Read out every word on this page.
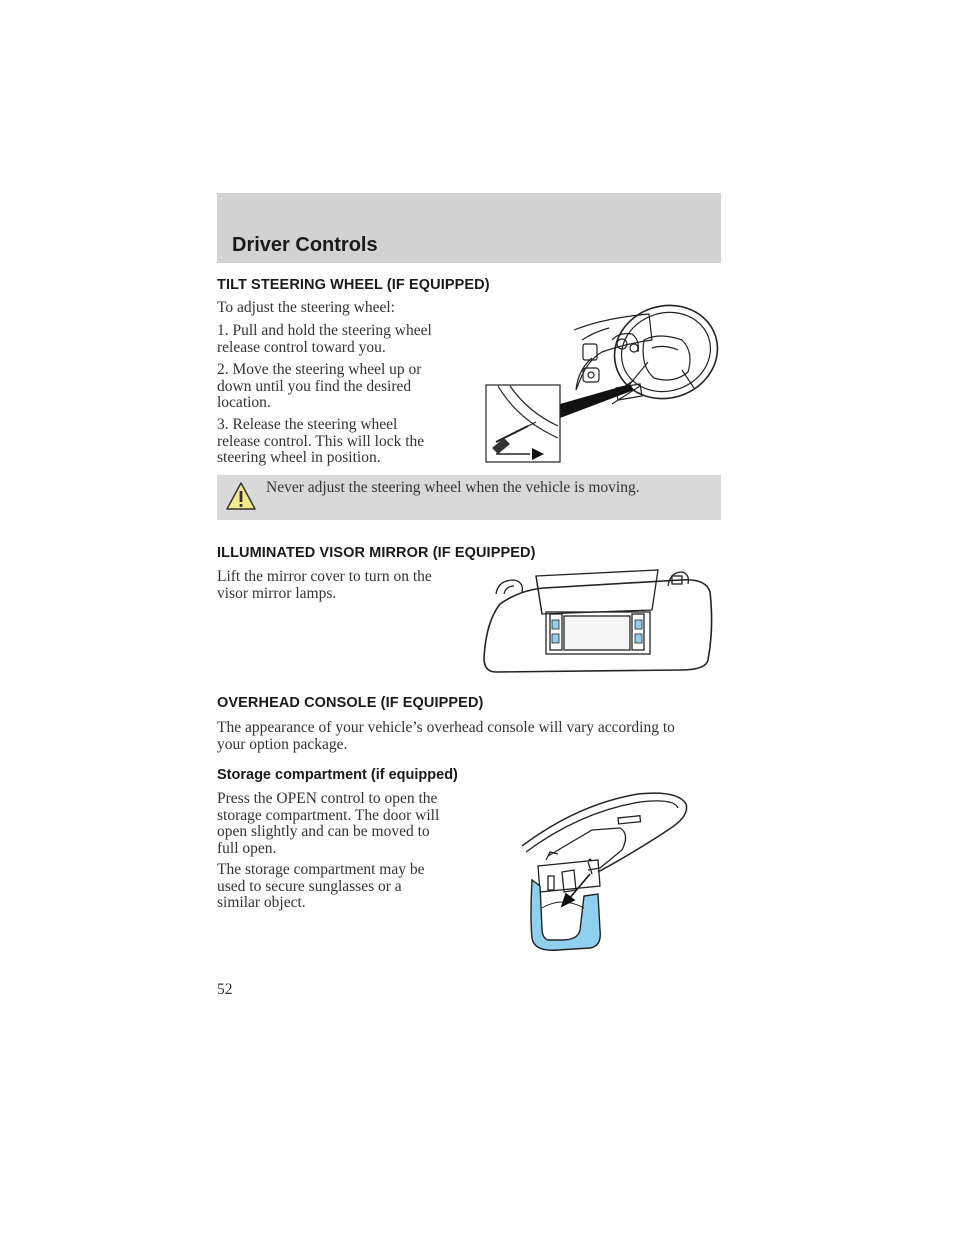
Driver Controls
TILT STEERING WHEEL (IF EQUIPPED)
To adjust the steering wheel:
1. Pull and hold the steering wheel
release control toward you.
2. Move the steering wheel up or
down until you find the desired
location.
3. Release the steering wheel
release control. This will lock the
steering wheel in position.
Never adjust the steering wheel when the vehicle is moving.
ILLUMINATED VISOR MIRROR (IF EQUIPPED)
Lift the mirror cover to turn on the
visor mirror lamps.
OVERHEAD CONSOLE (IF EQUIPPED)
The appearance of your vehicle’s overhead console will vary according to
your option package.
Storage compartment (if equipped)
Press the OPEN control to open the
storage compartment. The door will
open slightly and can be moved to
full open.
The storage compartment may be
used to secure sunglasses or a
similar object.
52
